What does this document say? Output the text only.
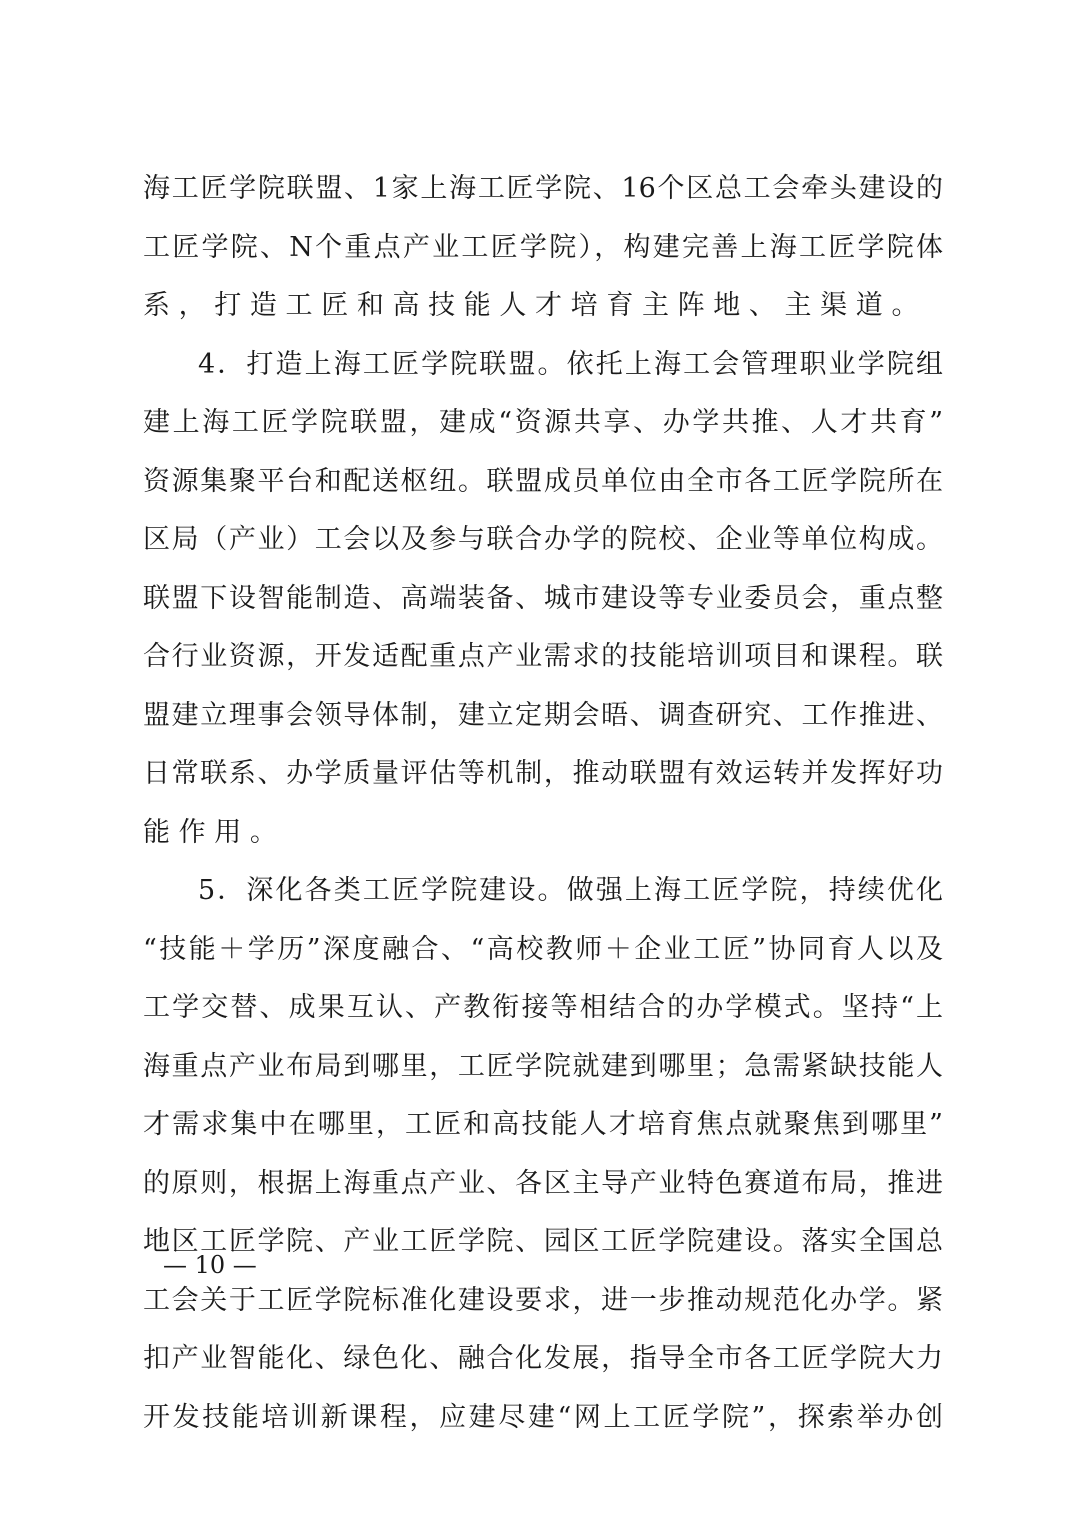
海工匠学院联盟、1家上海工匠学院、16个区总工会牵头建设的
工匠学院、N个重点产业工匠学院），构建完善上海工匠学院体
系，打造工匠和高技能人才培育主阵地、主渠道。
4．打造上海工匠学院联盟。依托上海工会管理职业学院组
建上海工匠学院联盟，建成“资源共享、办学共推、人才共育”
资源集聚平台和配送枢纽。联盟成员单位由全市各工匠学院所在
区局（产业）工会以及参与联合办学的院校、企业等单位构成。
联盟下设智能制造、高端装备、城市建设等专业委员会，重点整
合行业资源，开发适配重点产业需求的技能培训项目和课程。联
盟建立理事会领导体制，建立定期会晤、调查研究、工作推进、
日常联系、办学质量评估等机制，推动联盟有效运转并发挥好功
能作用。
5．深化各类工匠学院建设。做强上海工匠学院，持续优化
“技能＋学历”深度融合、“高校教师＋企业工匠”协同育人以及
工学交替、成果互认、产教衔接等相结合的办学模式。坚持“上
海重点产业布局到哪里，工匠学院就建到哪里；急需紧缺技能人
才需求集中在哪里，工匠和高技能人才培育焦点就聚焦到哪里”
的原则，根据上海重点产业、各区主导产业特色赛道布局，推进
地区工匠学院、产业工匠学院、园区工匠学院建设。落实全国总
工会关于工匠学院标准化建设要求，进一步推动规范化办学。紧
扣产业智能化、绿色化、融合化发展，指导全市各工匠学院大力
开发技能培训新课程，应建尽建“网上工匠学院”，探索举办创
— 10 —
